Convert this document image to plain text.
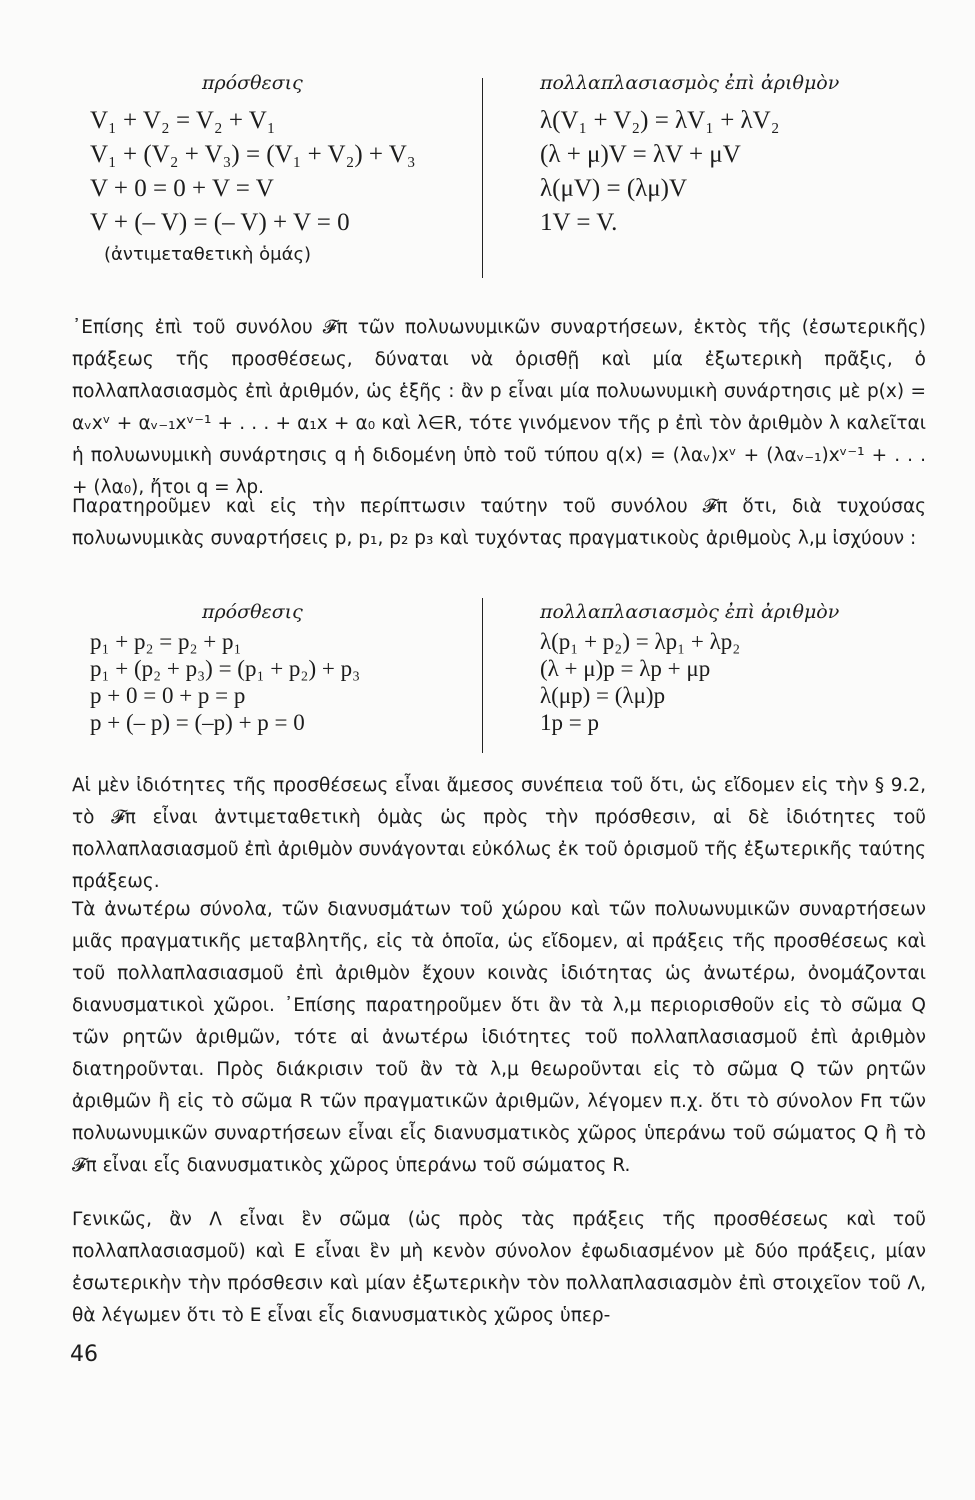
πρόσθεσις
V₁ + V₂ = V₂ + V₁
V₁ + (V₂ + V₃) = (V₁ + V₂) + V₃
V + 0 = 0 + V = V
V + (– V) = (– V) + V = 0
(ἀντιμεταθετικὴ ὁμάς)
πολλαπλασιασμὸς ἐπὶ ἀριθμὸν
λ(V₁ + V₂) = λV₁ + λV₂
(λ + μ)V = λV + μV
λ(μV) = (λμ)V
1V = V.

᾽Επίσης ἐπὶ τοῦ συνόλου 𝓕π τῶν πολυωνυμικῶν συναρτήσεων, ἐκτὸς τῆς (ἐσωτερικῆς) πράξεως τῆς προσθέσεως, δύναται νὰ ὁρισθῇ καὶ μία ἐξωτερικὴ πρᾶξις, ὁ πολλαπλασιασμὸς ἐπὶ ἀριθμόν, ὡς ἑξῆς : ἂν p εἶναι μία πολυωνυμικὴ συνάρτησις μὲ p(x) = αᵥxᵛ + αᵥ₋₁xᵛ⁻¹ + . . . + α₁x + α₀ καὶ λ∈R, τότε γινόμενον τῆς p ἐπὶ τὸν ἀριθμὸν λ καλεῖται ἡ πολυωνυμικὴ συνάρτησις q ἡ διδομένη ὑπὸ τοῦ τύπου q(x) = (λαᵥ)xᵛ + (λαᵥ₋₁)xᵛ⁻¹ + . . . + (λα₀), ἤτοι q = λp.

Παρατηροῦμεν καὶ εἰς τὴν περίπτωσιν ταύτην τοῦ συνόλου 𝓕π ὅτι, διὰ τυχούσας πολυωνυμικὰς συναρτήσεις p, p₁, p₂ p₃ καὶ τυχόντας πραγματικοὺς ἀριθμοὺς λ,μ ἰσχύουν :

πρόσθεσις
p₁ + p₂ = p₂ + p₁
p₁ + (p₂ + p₃) = (p₁ + p₂) + p₃
p + 0 = 0 + p = p
p + (– p) = (–p) + p = 0
πολλαπλασιασμὸς ἐπὶ ἀριθμὸν
λ(p₁ + p₂) = λp₁ + λp₂
(λ + μ)p = λp + μp
λ(μp) = (λμ)p
1p = p

Αἱ μὲν ἰδιότητες τῆς προσθέσεως εἶναι ἄμεσος συνέπεια τοῦ ὅτι, ὡς εἴδομεν εἰς τὴν § 9.2, τὸ 𝓕π εἶναι ἀντιμεταθετικὴ ὁμὰς ὡς πρὸς τὴν πρόσθεσιν, αἱ δὲ ἰδιότητες τοῦ πολλαπλασιασμοῦ ἐπὶ ἀριθμὸν συνάγονται εὐκόλως ἐκ τοῦ ὁρισμοῦ τῆς ἐξωτερικῆς ταύτης πράξεως.

Τὰ ἀνωτέρω σύνολα, τῶν διανυσμάτων τοῦ χώρου καὶ τῶν πολυωνυμικῶν συναρτήσεων μιᾶς πραγματικῆς μεταβλητῆς, εἰς τὰ ὁποῖα, ὡς εἴδομεν, αἱ πράξεις τῆς προσθέσεως καὶ τοῦ πολλαπλασιασμοῦ ἐπὶ ἀριθμὸν ἔχουν κοινὰς ἰδιότητας ὡς ἀνωτέρω, ὀνομάζονται διανυσματικοὶ χῶροι. ᾽Επίσης παρατηροῦμεν ὅτι ἂν τὰ λ,μ περιορισθοῦν εἰς τὸ σῶμα Q τῶν ρητῶν ἀριθμῶν, τότε αἱ ἀνωτέρω ἰδιότητες τοῦ πολλαπλασιασμοῦ ἐπὶ ἀριθμὸν διατηροῦνται. Πρὸς διάκρισιν τοῦ ἂν τὰ λ,μ θεωροῦνται εἰς τὸ σῶμα Q τῶν ρητῶν ἀριθμῶν ἢ εἰς τὸ σῶμα R τῶν πραγματικῶν ἀριθμῶν, λέγομεν π.χ. ὅτι τὸ σύνολον Fπ τῶν πολυωνυμικῶν συναρτήσεων εἶναι εἷς διανυσματικὸς χῶρος ὑπεράνω τοῦ σώματος Q ἢ τὸ 𝓕π εἶναι εἷς διανυσματικὸς χῶρος ὑπεράνω τοῦ σώματος R.

Γενικῶς, ἂν Λ εἶναι ἓν σῶμα (ὡς πρὸς τὰς πράξεις τῆς προσθέσεως καὶ τοῦ πολλαπλασιασμοῦ) καὶ Ε εἶναι ἓν μὴ κενὸν σύνολον ἐφωδιασμένον μὲ δύο πράξεις, μίαν ἐσωτερικὴν τὴν πρόσθεσιν καὶ μίαν ἐξωτερικὴν τὸν πολλαπλασιασμὸν ἐπὶ στοιχεῖον τοῦ Λ, θὰ λέγωμεν ὅτι τὸ Ε εἶναι εἷς διανυσματικὸς χῶρος ὑπερ-

46
